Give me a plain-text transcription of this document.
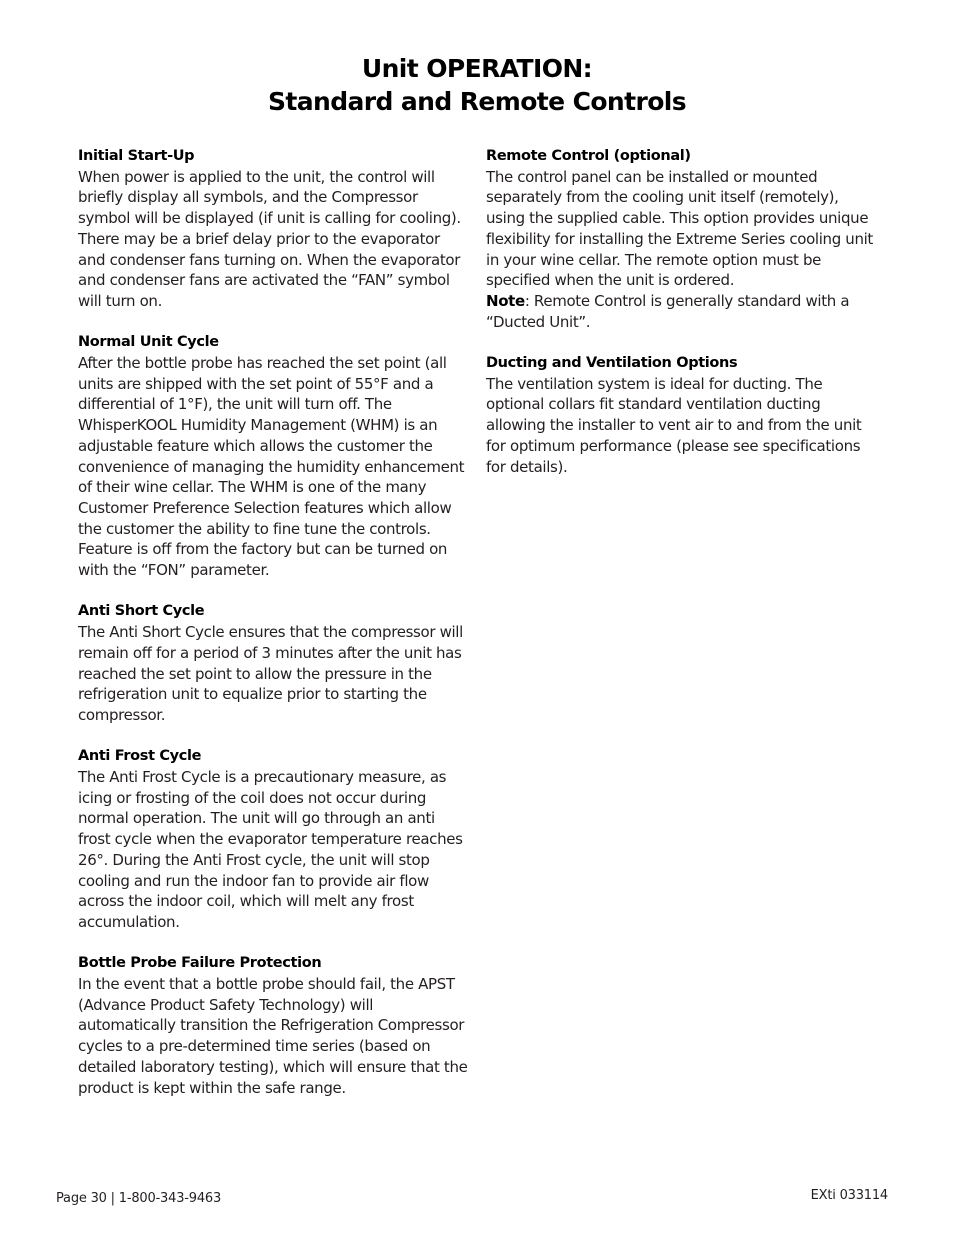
Unit OPERATION:
Standard and Remote Controls

Initial Start-Up

When power is applied to the unit, the control will briefly display all symbols, and the Compressor symbol will be displayed (if unit is calling for cooling). There may be a brief delay prior to the evaporator and condenser fans turning on. When the evaporator and condenser fans are activated the “FAN” symbol will turn on.

Normal Unit Cycle

After the bottle probe has reached the set point (all units are shipped with the set point of 55°F and a differential of 1°F), the unit will turn off. The WhisperKOOL Humidity Management (WHM) is an adjustable feature which allows the customer the convenience of managing the humidity enhancement of their wine cellar. The WHM is one of the many Customer Preference Selection features which allow the customer the ability to fine tune the controls. Feature is off from the factory but can be turned on with the “FON” parameter.

Anti Short Cycle

The Anti Short Cycle ensures that the compressor will remain off for a period of 3 minutes after the unit has reached the set point to allow the pressure in the refrigeration unit to equalize prior to starting the compressor.

Anti Frost Cycle

The Anti Frost Cycle is a precautionary measure, as icing or frosting of the coil does not occur during normal operation. The unit will go through an anti frost cycle when the evaporator temperature reaches 26°. During the Anti Frost cycle, the unit will stop cooling and run the indoor fan to provide air flow across the indoor coil, which will melt any frost accumulation.

Bottle Probe Failure Protection

In the event that a bottle probe should fail, the APST (Advance Product Safety Technology) will automatically transition the Refrigeration Compressor cycles to a pre-determined time series (based on detailed laboratory testing), which will ensure that the product is kept within the safe range.

Remote Control (optional)

The control panel can be installed or mounted separately from the cooling unit itself (remotely), using the supplied cable. This option provides unique flexibility for installing the Extreme Series cooling unit in your wine cellar. The remote option must be specified when the unit is ordered.

Note: Remote Control is generally standard with a “Ducted Unit”.

Ducting and Ventilation Options

The ventilation system is ideal for ducting. The optional collars fit standard ventilation ducting allowing the installer to vent air to and from the unit for optimum performance (please see specifications for details).

Page 30 | 1-800-343-9463	EXti 033114
